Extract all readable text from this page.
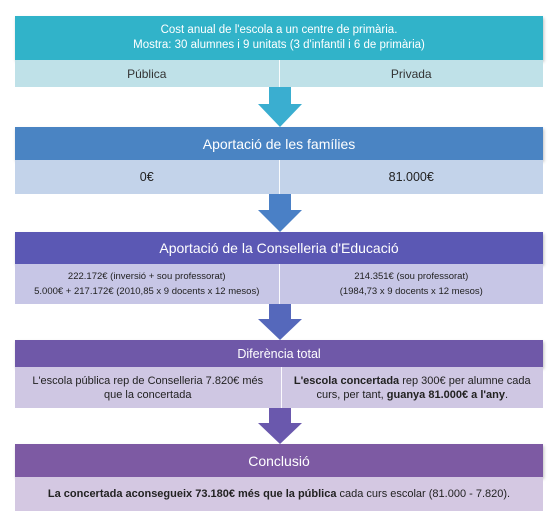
Cost anual de l'escola a un centre de primària.
Mostra: 30 alumnes i 9 unitats (3 d'infantil i 6 de primària)
Pública	Privada
Aportació de les famílies
0€	81.000€
Aportació de la Conselleria d'Educació
222.172€ (inversió + sou professorat)
5.000€ + 217.172€ (2010,85 x 9 docents x 12 mesos)
214.351€ (sou professorat)
(1984,73 x 9 docents x 12 mesos)
Diferència total
L'escola pública rep de Conselleria 7.820€ més que la concertada
L'escola concertada rep 300€ per alumne cada curs, per tant, guanya 81.000€ a l'any.
Conclusió
La concertada aconsegueix 73.180€ més que la pública cada curs escolar (81.000 - 7.820).
